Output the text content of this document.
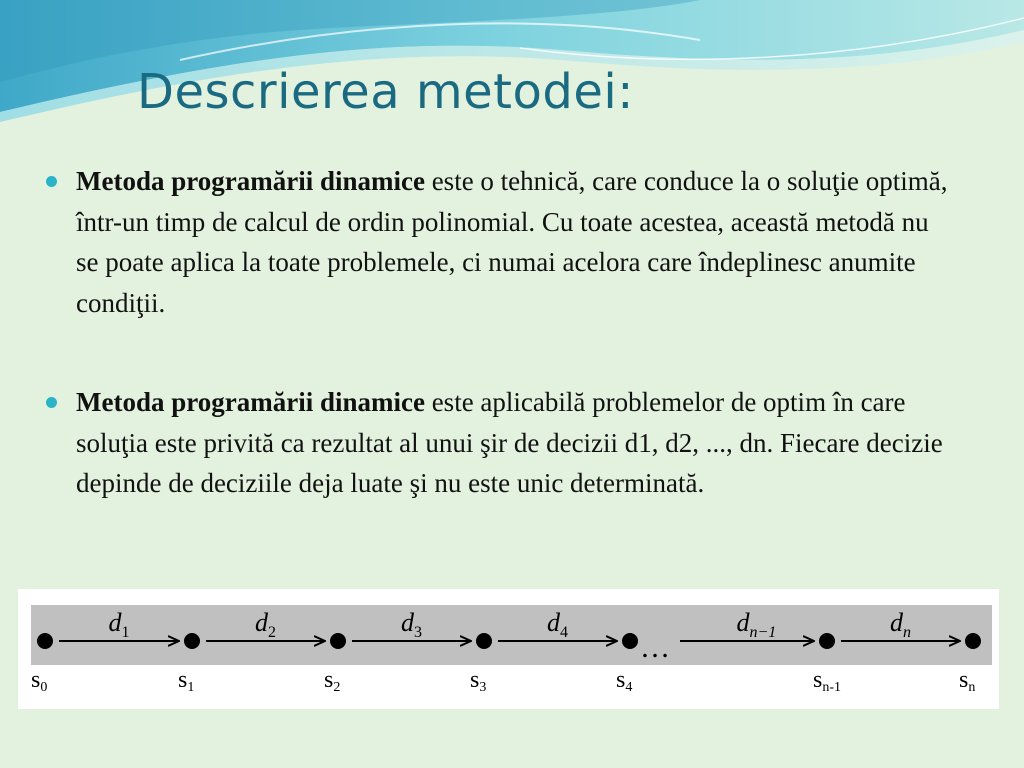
Descrierea metodei:
Metoda programării dinamice este o tehnică, care conduce la o soluţie optimă, într-un timp de calcul de ordin polinomial. Cu toate acestea, această metodă nu se poate aplica la toate problemele, ci numai acelora care îndeplinesc anumite condiţii.
Metoda programării dinamice este aplicabilă problemelor de optim în care soluţia este privită ca rezultat al unui şir de decizii d1, d2, ..., dn. Fiecare decizie depinde de deciziile deja luate şi nu este unic determinată.
…
$d_1$	$d_2$	$d_3$	$d_4$	$d_{n-1}$	$d_n$
s0	s1	s2	s3	s4	sn-1	sn
